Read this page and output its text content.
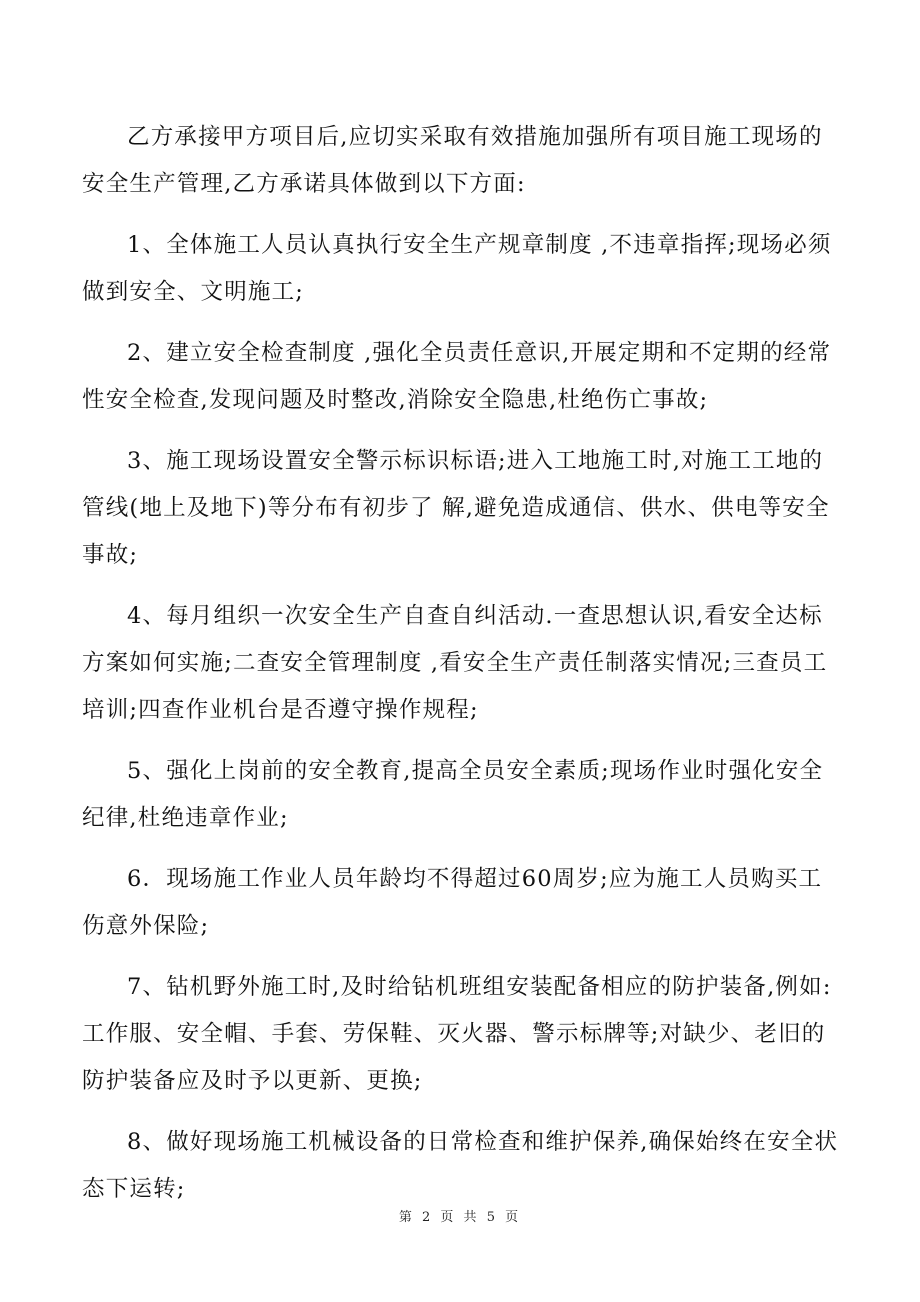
乙方承接甲方项目后,应切实采取有效措施加强所有项目施工现场的安全生产管理,乙方承诺具体做到以下方面:

1、全体施工人员认真执行安全生产规章制度 ,不违章指挥;现场必须做到安全、文明施工;

2、建立安全检查制度 ,强化全员责任意识,开展定期和不定期的经常性安全检查,发现问题及时整改,消除安全隐患,杜绝伤亡事故;

3、施工现场设置安全警示标识标语;进入工地施工时,对施工工地的管线(地上及地下)等分布有初步了 解,避免造成通信、供水、供电等安全事故;

4、每月组织一次安全生产自查自纠活动.一查思想认识,看安全达标方案如何实施;二查安全管理制度 ,看安全生产责任制落实情况;三查员工培训;四查作业机台是否遵守操作规程;

5、强化上岗前的安全教育,提高全员安全素质;现场作业时强化安全纪律,杜绝违章作业;

6．现场施工作业人员年龄均不得超过60周岁;应为施工人员购买工伤意外保险;

7、钻机野外施工时,及时给钻机班组安装配备相应的防护装备,例如:工作服、安全帽、手套、劳保鞋、灭火器、警示标牌等;对缺少、老旧的防护装备应及时予以更新、更换;

8、做好现场施工机械设备的日常检查和维护保养,确保始终在安全状态下运转;

第 2 页 共 5 页
